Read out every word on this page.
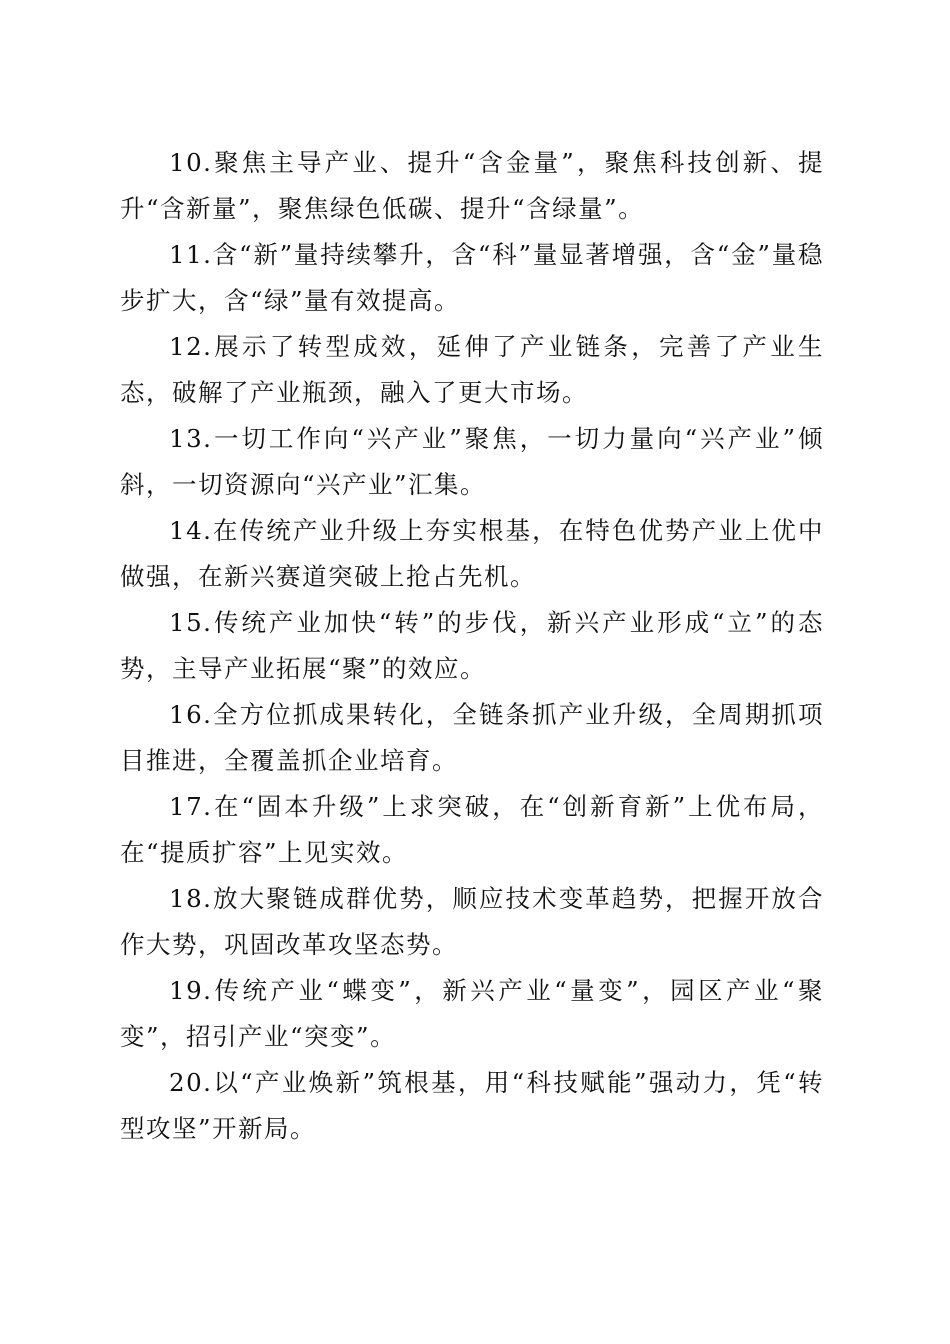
10.聚焦主导产业、提升“含金量”，聚焦科技创新、提升“含新量”，聚焦绿色低碳、提升“含绿量”。

11.含“新”量持续攀升，含“科”量显著增强，含“金”量稳步扩大，含“绿”量有效提高。

12.展示了转型成效，延伸了产业链条，完善了产业生态，破解了产业瓶颈，融入了更大市场。

13.一切工作向“兴产业”聚焦，一切力量向“兴产业”倾斜，一切资源向“兴产业”汇集。

14.在传统产业升级上夯实根基，在特色优势产业上优中做强，在新兴赛道突破上抢占先机。

15.传统产业加快“转”的步伐，新兴产业形成“立”的态势，主导产业拓展“聚”的效应。

16.全方位抓成果转化，全链条抓产业升级，全周期抓项目推进，全覆盖抓企业培育。

17.在“固本升级”上求突破，在“创新育新”上优布局，在“提质扩容”上见实效。

18.放大聚链成群优势，顺应技术变革趋势，把握开放合作大势，巩固改革攻坚态势。

19.传统产业“蝶变”，新兴产业“量变”，园区产业“聚变”，招引产业“突变”。

20.以“产业焕新”筑根基，用“科技赋能”强动力，凭“转型攻坚”开新局。
